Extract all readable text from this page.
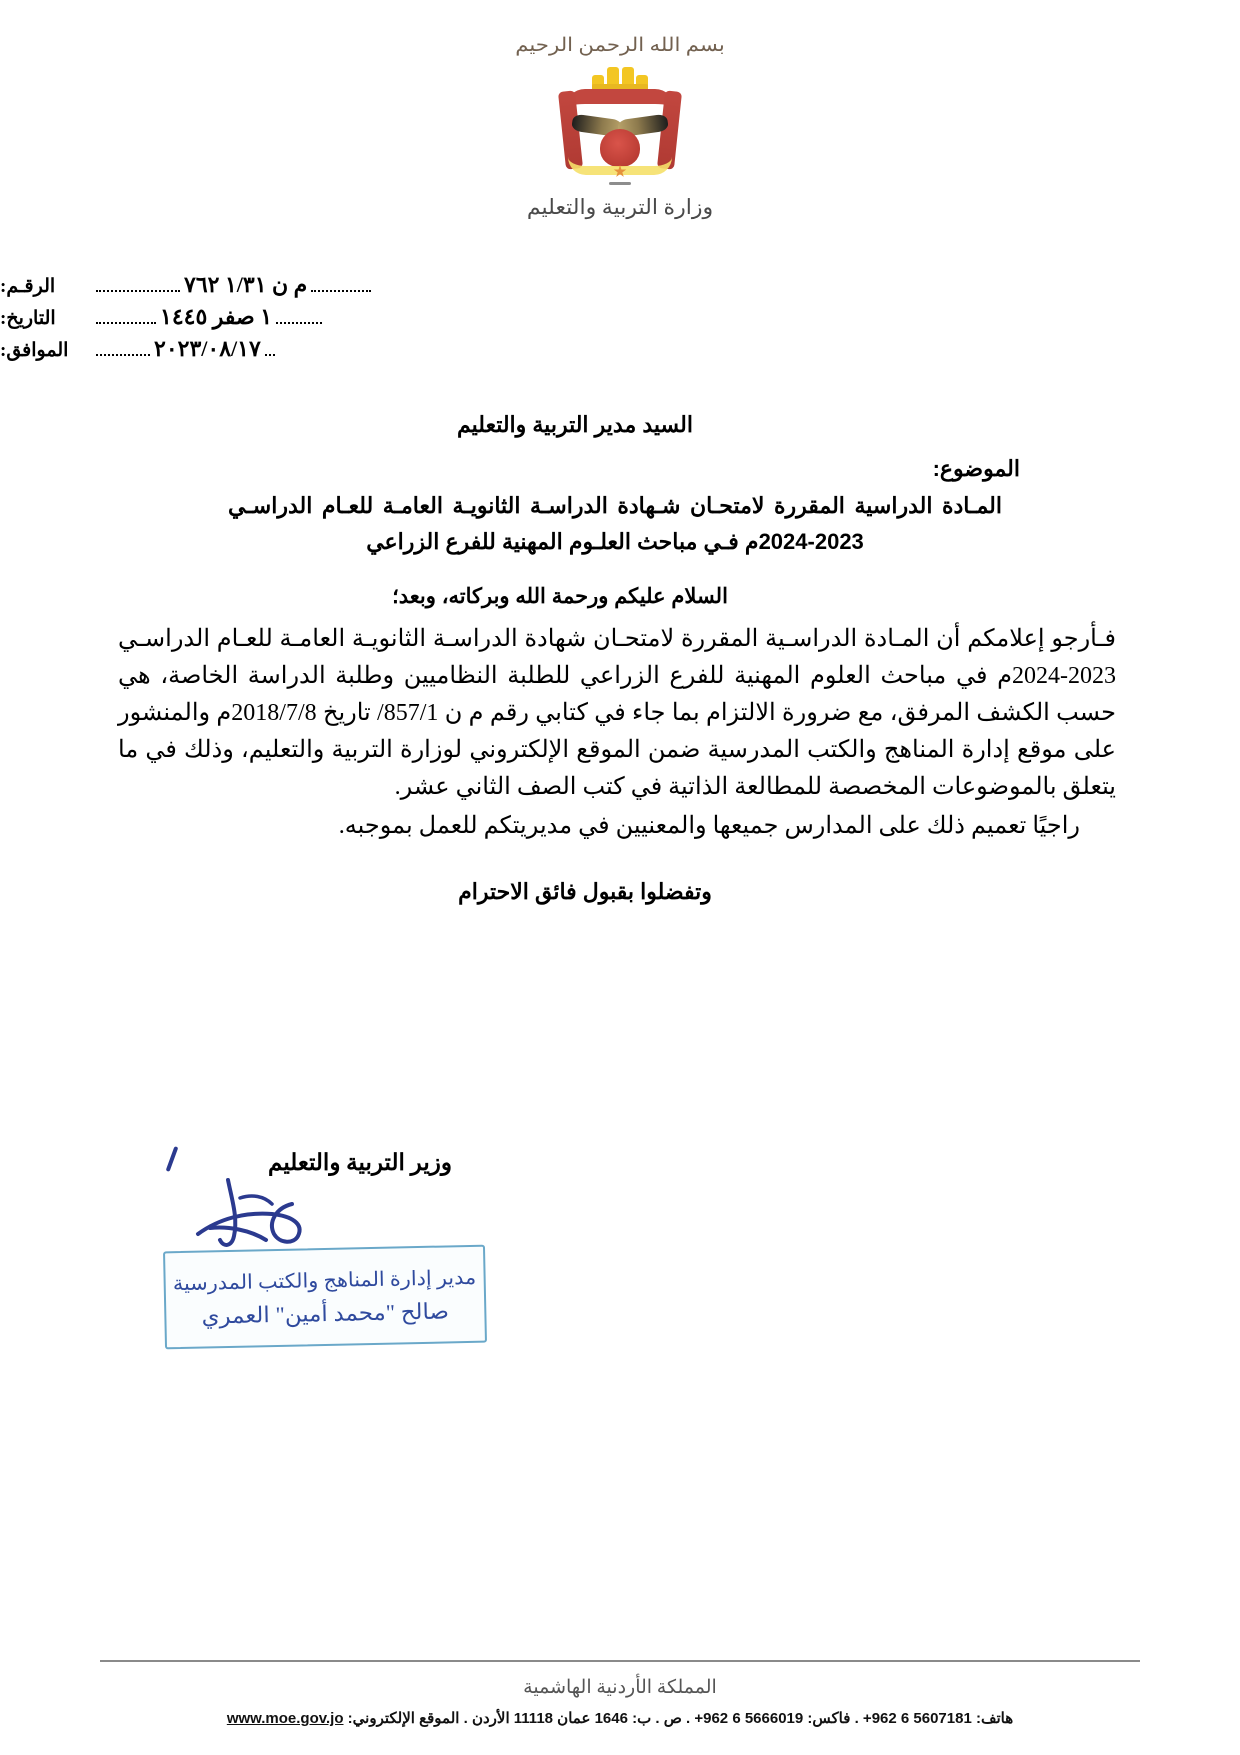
بسم الله الرحمن الرحيم
وزارة التربية والتعليم
الرقـم:	م ن ١/٣١ ٧٦٢
التاريخ:	١ صفر ١٤٤٥
الموافق:	٢٠٢٣/٠٨/١٧
السيد مدير التربية والتعليم
الموضوع:
المـادة الدراسية المقررة لامتحـان شـهادة الدراسـة الثانويـة العامـة للعـام الدراسـي 2023-2024م فـي مباحث العلـوم المهنية للفرع الزراعي
السلام عليكم ورحمة الله وبركاته، وبعد؛
فـأرجو إعلامكم أن المـادة الدراسـية المقررة لامتحـان شهادة الدراسـة الثانويـة العامـة للعـام الدراسـي 2023-2024م في مباحث العلوم المهنية للفرع الزراعي للطلبة النظاميين وطلبة الدراسة الخاصة، هي حسب الكشف المرفق، مع ضرورة الالتزام بما جاء في كتابي رقم م ن 857/1/ تاريخ 2018/7/8م والمنشور على موقع إدارة المناهج والكتب المدرسية ضمن الموقع الإلكتروني لوزارة التربية والتعليم، وذلك في ما يتعلق بالموضوعات المخصصة للمطالعة الذاتية في كتب الصف الثاني عشر.
راجيًا تعميم ذلك على المدارس جميعها والمعنيين في مديريتكم للعمل بموجبه.
وتفضلوا بقبول فائق الاحترام
وزير التربية والتعليم
مدير إدارة المناهج والكتب المدرسية
صالح "محمد أمين" العمري
المملكة الأردنية الهاشمية
هاتف: 5607181 6 962+ . فاكس: 5666019 6 962+ . ص . ب: 1646 عمان 11118 الأردن . الموقع الإلكتروني: www.moe.gov.jo
